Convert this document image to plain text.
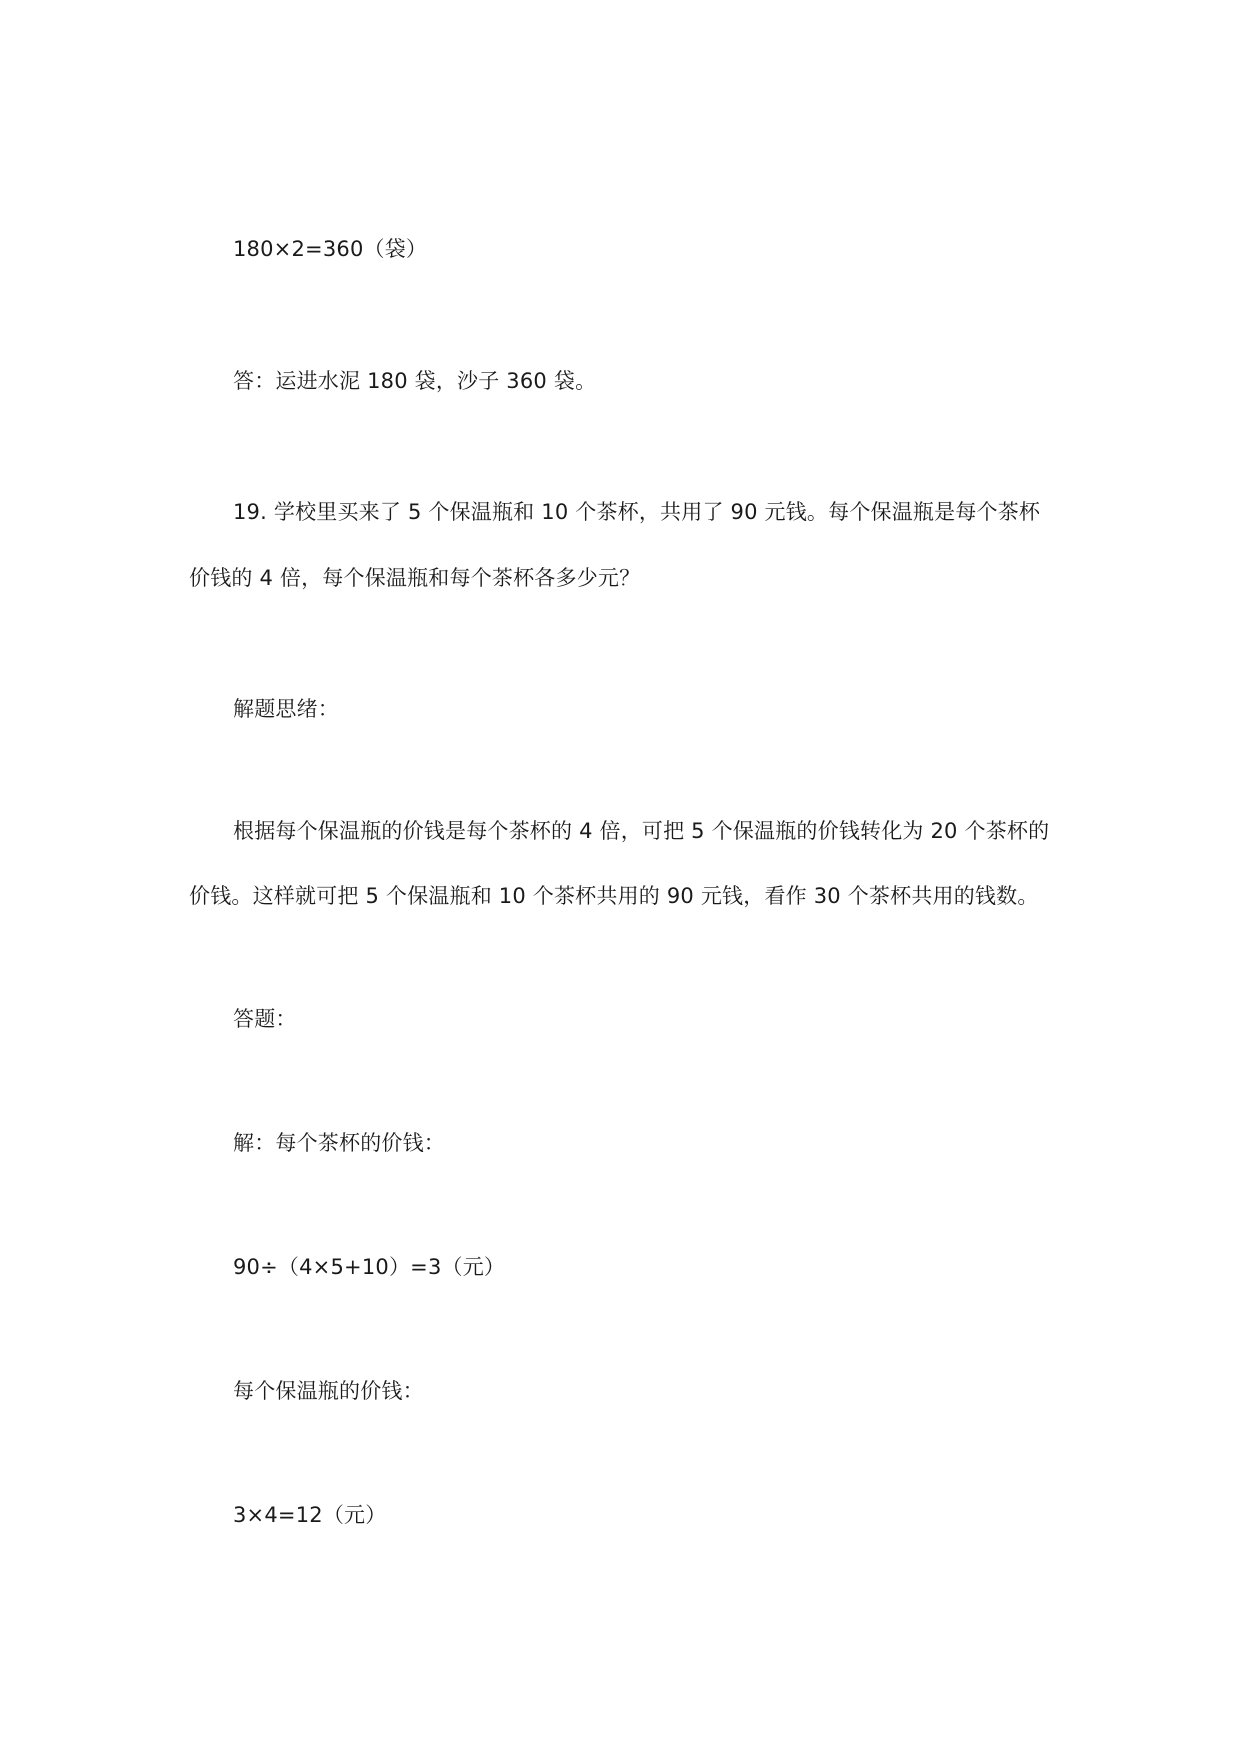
180×2=360（袋）
答：运进水泥 180 袋，沙子 360 袋。
19. 学校里买来了 5 个保温瓶和 10 个茶杯，共用了 90 元钱。每个保温瓶是每个茶杯
价钱的 4 倍，每个保温瓶和每个茶杯各多少元？
解题思绪：
根据每个保温瓶的价钱是每个茶杯的 4 倍，可把 5 个保温瓶的价钱转化为 20 个茶杯的
价钱。这样就可把 5 个保温瓶和 10 个茶杯共用的 90 元钱，看作 30 个茶杯共用的钱数。
答题：
解：每个茶杯的价钱：
90÷（4×5+10）=3（元）
每个保温瓶的价钱：
3×4=12（元）
